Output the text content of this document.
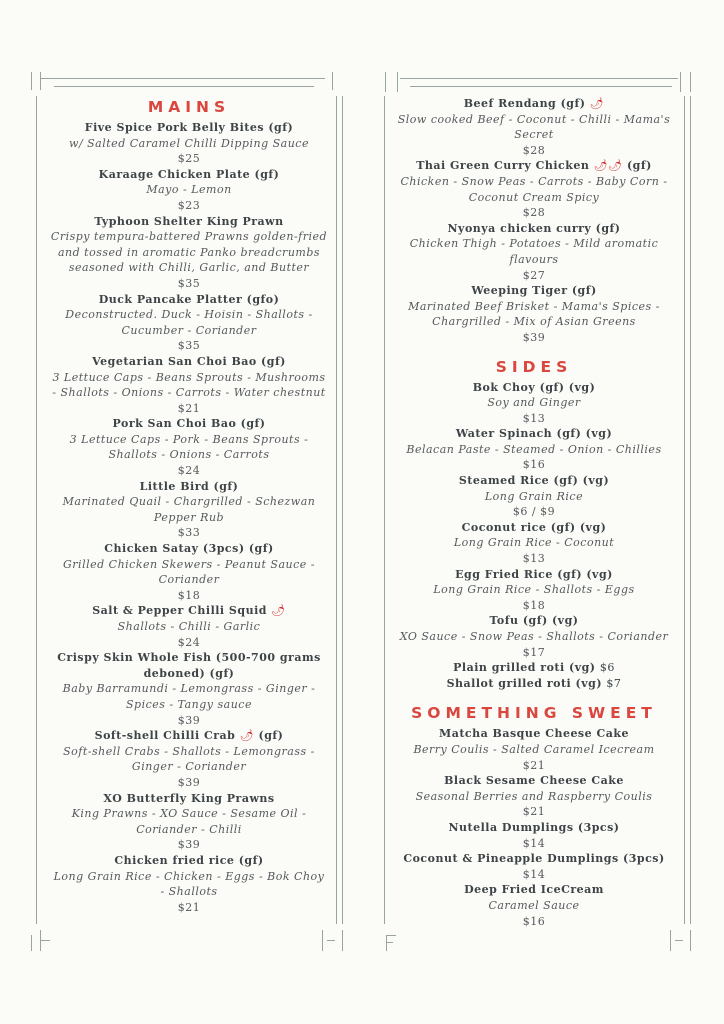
MAINS
Five Spice Pork Belly Bites (gf)
w/ Salted Caramel Chilli Dipping Sauce
$25
Karaage Chicken Plate (gf)
Mayo - Lemon
$23
Typhoon Shelter King Prawn
Crispy tempura-battered Prawns golden-fried and tossed in aromatic Panko breadcrumbs seasoned with Chilli, Garlic, and Butter
$35
Duck Pancake Platter (gfo)
Deconstructed. Duck - Hoisin - Shallots - Cucumber - Coriander
$35
Vegetarian San Choi Bao (gf)
3 Lettuce Caps - Beans Sprouts - Mushrooms - Shallots - Onions - Carrots - Water chestnut
$21
Pork San Choi Bao (gf)
3 Lettuce Caps - Pork - Beans Sprouts - Shallots - Onions - Carrots
$24
Little Bird (gf)
Marinated Quail - Chargrilled - Schezwan Pepper Rub
$33
Chicken Satay (3pcs) (gf)
Grilled Chicken Skewers - Peanut Sauce - Coriander
$18
Salt & Pepper Chilli Squid 🌶
Shallots - Chilli - Garlic
$24
Crispy Skin Whole Fish (500-700 grams deboned) (gf)
Baby Barramundi - Lemongrass - Ginger - Spices - Tangy sauce
$39
Soft-shell Chilli Crab 🌶 (gf)
Soft-shell Crabs - Shallots - Lemongrass - Ginger - Coriander
$39
XO Butterfly King Prawns
King Prawns - XO Sauce - Sesame Oil - Coriander - Chilli
$39
Chicken fried rice (gf)
Long Grain Rice - Chicken - Eggs - Bok Choy - Shallots
$21
Beef Rendang (gf) 🌶
Slow cooked Beef - Coconut - Chilli - Mama's Secret
$28
Thai Green Curry Chicken 🌶🌶 (gf)
Chicken - Snow Peas - Carrots - Baby Corn - Coconut Cream Spicy
$28
Nyonya chicken curry (gf)
Chicken Thigh - Potatoes - Mild aromatic flavours
$27
Weeping Tiger (gf)
Marinated Beef Brisket - Mama's Spices - Chargrilled - Mix of Asian Greens
$39
SIDES
Bok Choy (gf) (vg)
Soy and Ginger
$13
Water Spinach (gf) (vg)
Belacan Paste - Steamed - Onion - Chillies
$16
Steamed Rice (gf) (vg)
Long Grain Rice
$6 / $9
Coconut rice (gf) (vg)
Long Grain Rice - Coconut
$13
Egg Fried Rice (gf) (vg)
Long Grain Rice - Shallots - Eggs
$18
Tofu (gf) (vg)
XO Sauce - Snow Peas - Shallots - Coriander
$17
Plain grilled roti (vg) $6
Shallot grilled roti (vg) $7
SOMETHING SWEET
Matcha Basque Cheese Cake
Berry Coulis - Salted Caramel Icecream
$21
Black Sesame Cheese Cake
Seasonal Berries and Raspberry Coulis
$21
Nutella Dumplings (3pcs)
$14
Coconut & Pineapple Dumplings (3pcs)
$14
Deep Fried IceCream
Caramel Sauce
$16
